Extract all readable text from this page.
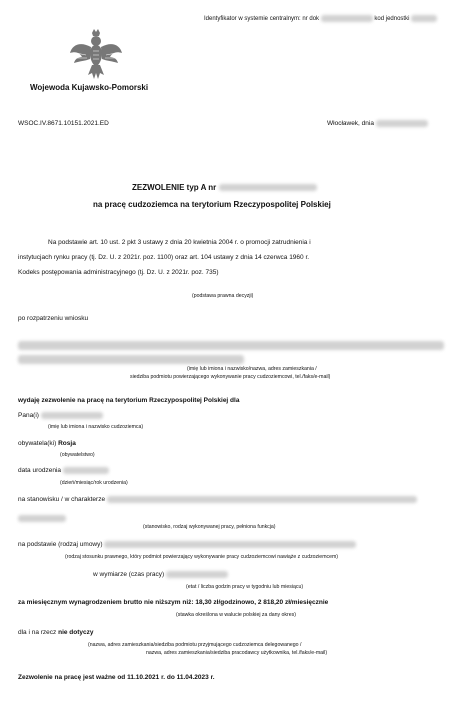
Identyfikator w systemie centralnym: nr dok	kod jednostki
Wojewoda Kujawsko-Pomorski
WSOC.IV.8671.10151.2021.ED	Włocławek, dnia
ZEZWOLENIE typ A nr
na pracę cudzoziemca na terytorium Rzeczypospolitej Polskiej
Na podstawie art. 10 ust. 2 pkt 3 ustawy z dnia 20 kwietnia 2004 r. o promocji zatrudnienia i
instytucjach rynku pracy (tj. Dz. U. z 2021r. poz. 1100) oraz art. 104 ustawy z dnia 14 czerwca 1960 r.
Kodeks postępowania administracyjnego (tj. Dz. U. z 2021r. poz. 735)
(podstawa prawna decyzji)
po rozpatrzeniu wniosku
(imię lub imiona i nazwisko/nazwa, adres zamieszkania /
siedziba podmiotu powierzającego wykonywanie pracy cudzoziemcowi, tel./faks/e-mail)
wydaję zezwolenie na pracę na terytorium Rzeczypospolitej Polskiej dla
Pana(i)
(imię lub imiona i nazwisko cudzoziemca)
obywatela(ki) Rosja
(obywatelstwo)
data urodzenia
(dzień/miesiąc/rok urodzenia)
na stanowisku / w charakterze
(stanowisko, rodzaj wykonywanej pracy, pełniona funkcja)
na podstawie (rodzaj umowy)
(rodzaj stosunku prawnego, który podmiot powierzający wykonywanie pracy cudzoziemcowi nawiąże z cudzoziemcem)
w wymiarze (czas pracy)
(etat / liczba godzin pracy w tygodniu lub miesiącu)
za miesięcznym wynagrodzeniem brutto nie niższym niż: 18,30 zł/godzinowo, 2 818,20 zł/miesięcznie
(stawka określona w walucie polskiej za dany okres)
dla i na rzecz nie dotyczy
(nazwa, adres zamieszkania/siedziba podmiotu przyjmującego cudzoziemca delegowanego /
nazwa, adres zamieszkania/siedziba pracodawcy użytkownika, tel./faks/e-mail)
Zezwolenie na pracę jest ważne od 11.10.2021 r. do 11.04.2023 r.
